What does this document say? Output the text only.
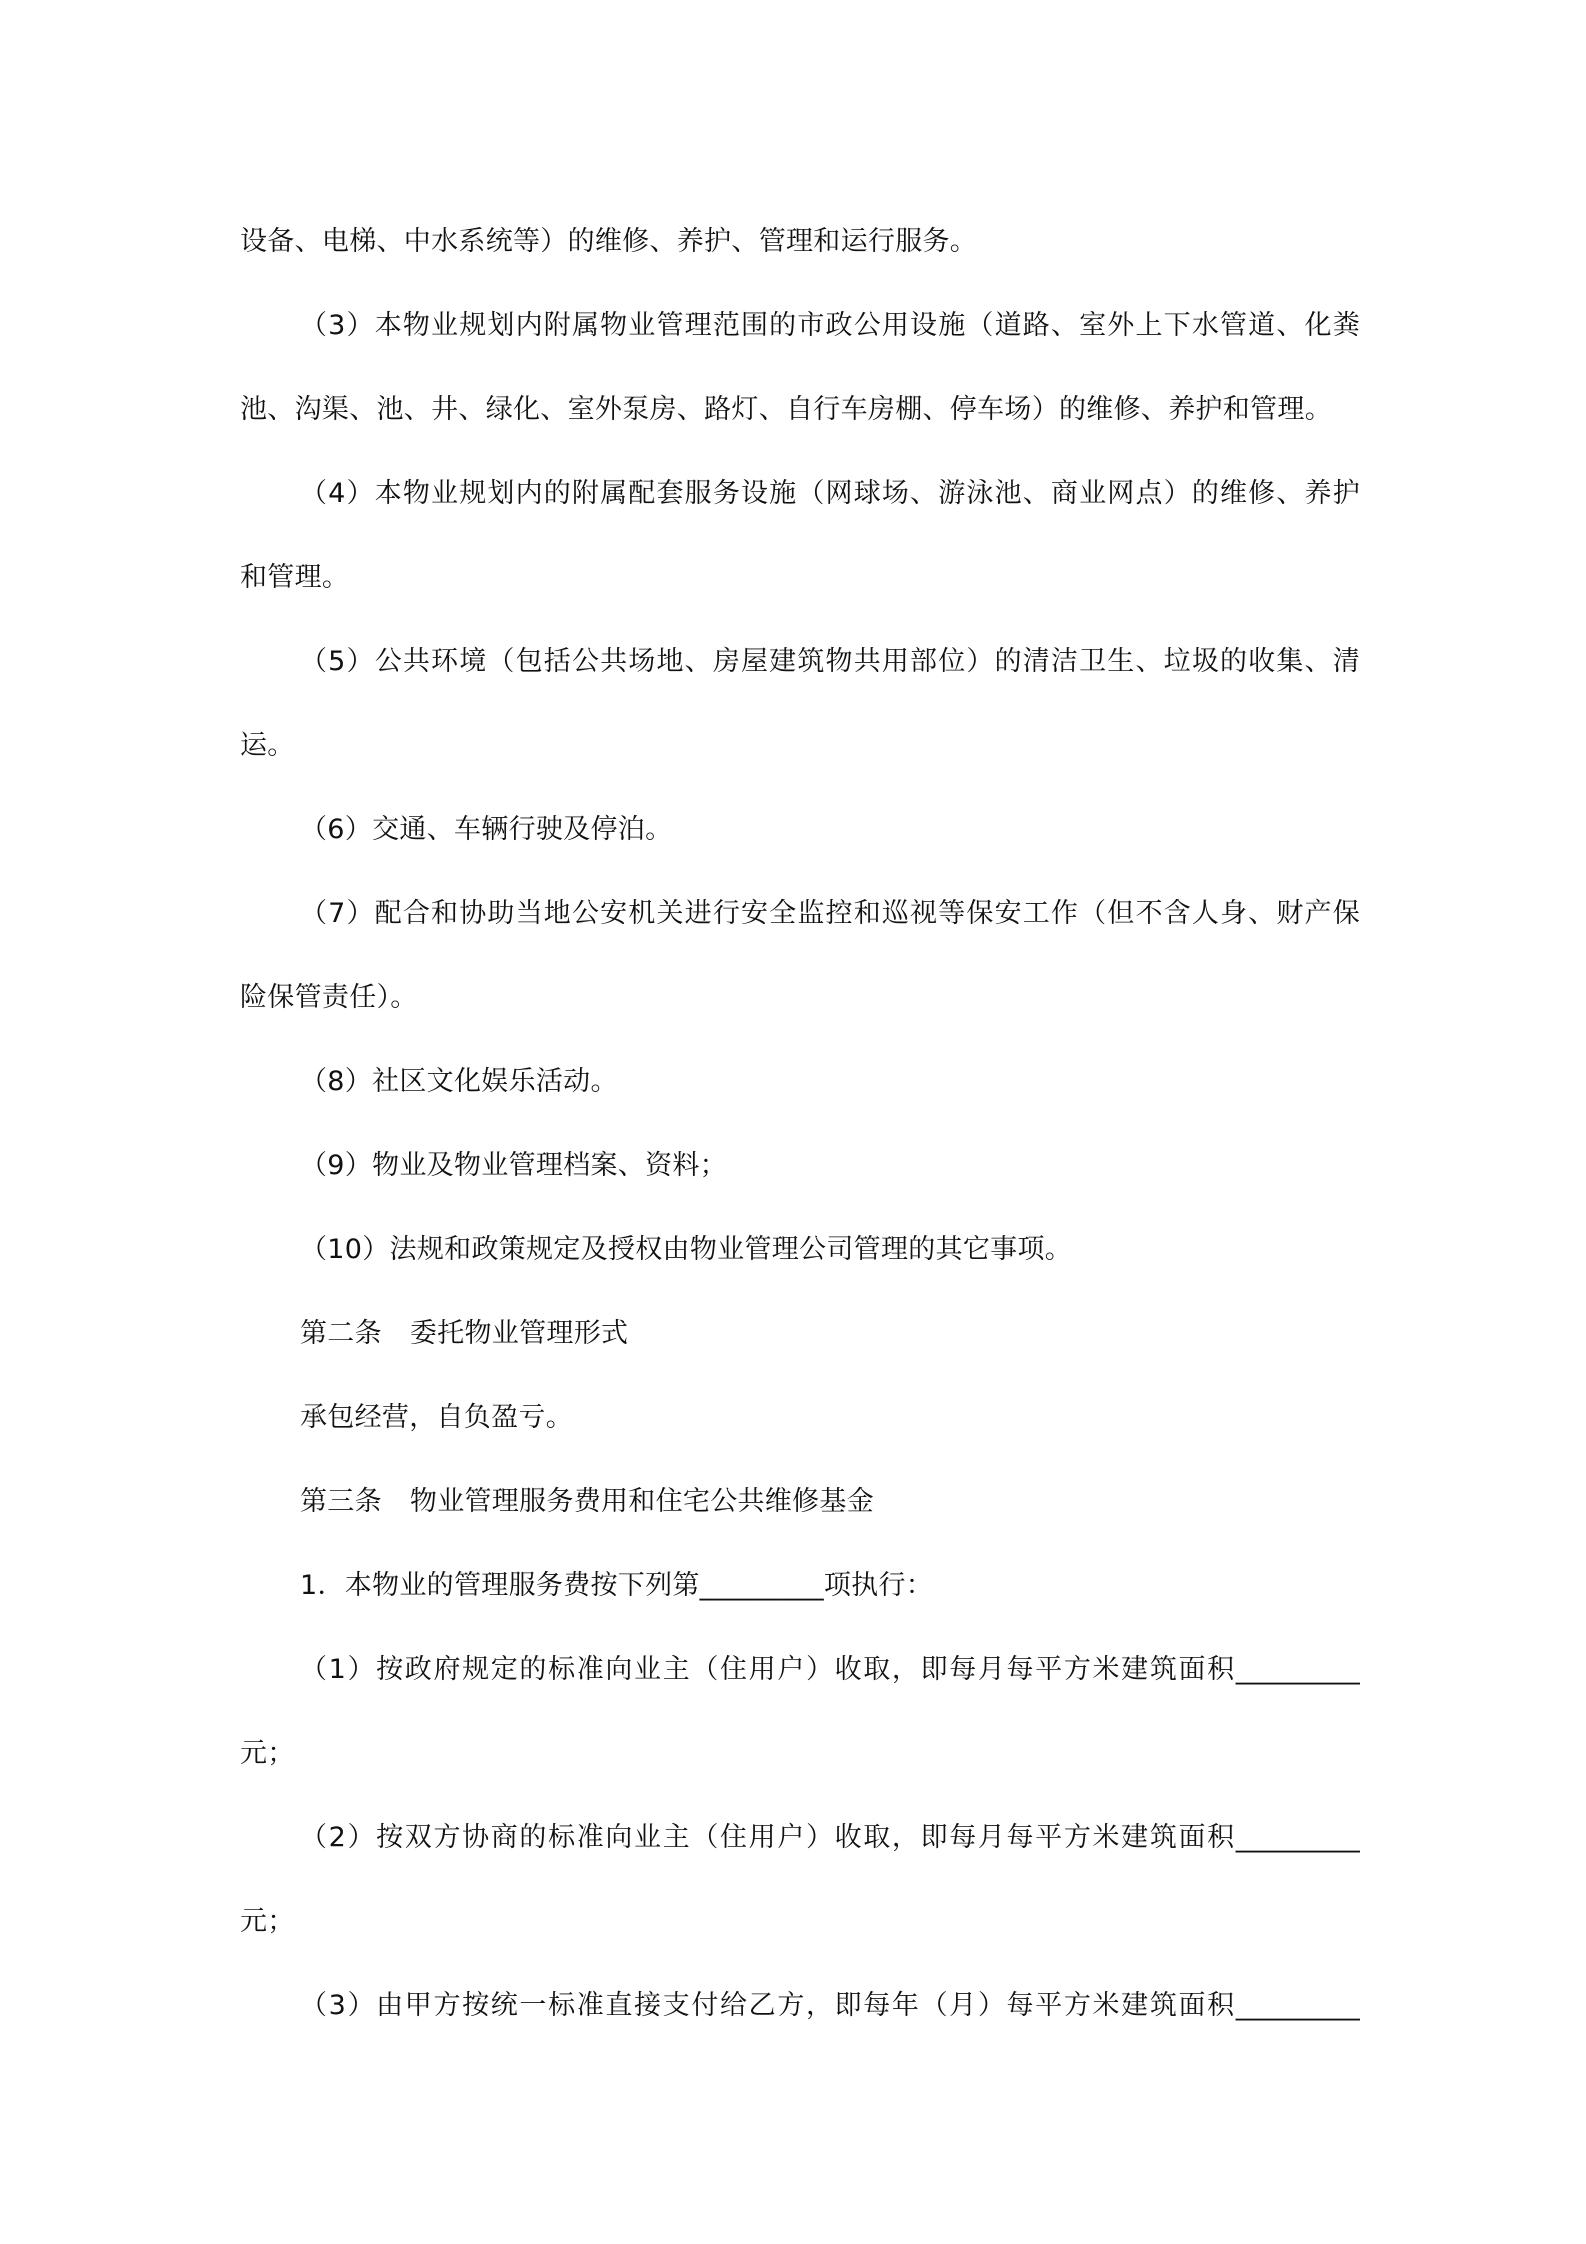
设备、电梯、中水系统等）的维修、养护、管理和运行服务。
（3）本物业规划内附属物业管理范围的市政公用设施（道路、室外上下水管道、化粪
池、沟渠、池、井、绿化、室外泵房、路灯、自行车房棚、停车场）的维修、养护和管理。
（4）本物业规划内的附属配套服务设施（网球场、游泳池、商业网点）的维修、养护
和管理。
（5）公共环境（包括公共场地、房屋建筑物共用部位）的清洁卫生、垃圾的收集、清
运。
（6）交通、车辆行驶及停泊。
（7）配合和协助当地公安机关进行安全监控和巡视等保安工作（但不含人身、财产保
险保管责任）。
（8）社区文化娱乐活动。
（9）物业及物业管理档案、资料；
（10）法规和政策规定及授权由物业管理公司管理的其它事项。
第二条 委托物业管理形式
承包经营，自负盈亏。
第三条 物业管理服务费用和住宅公共维修基金
1．本物业的管理服务费按下列第_________项执行：
（1）按政府规定的标准向业主（住用户）收取，即每月每平方米建筑面积_________
元；
（2）按双方协商的标准向业主（住用户）收取，即每月每平方米建筑面积_________
元；
（3）由甲方按统一标准直接支付给乙方，即每年（月）每平方米建筑面积_________
